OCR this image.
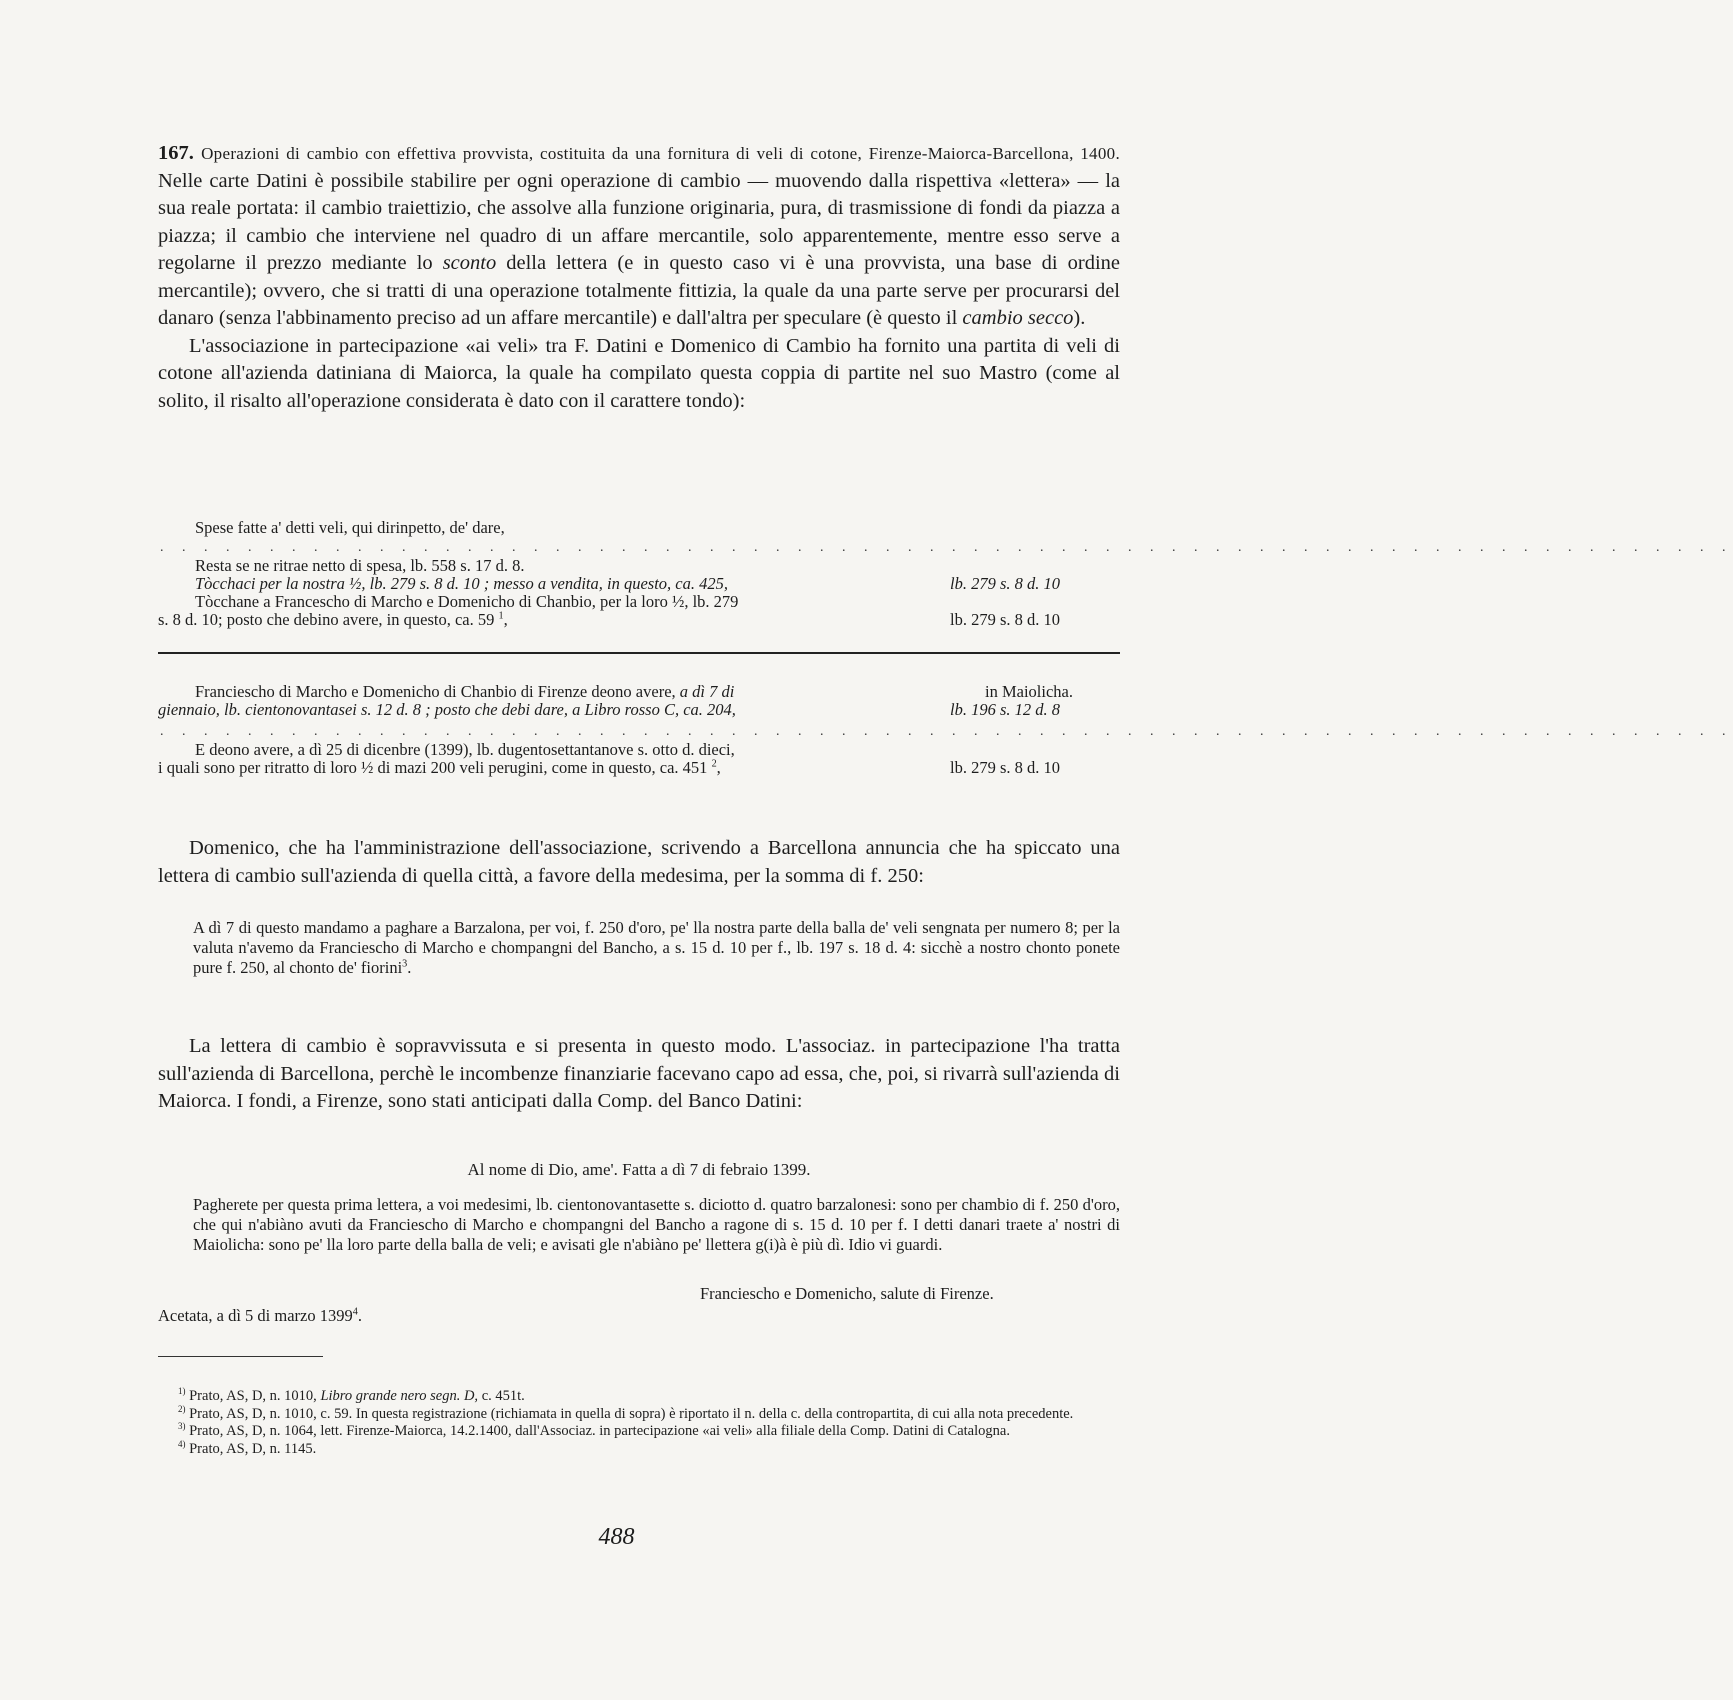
167. Operazioni di cambio con effettiva provvista, costituita da una fornitura di veli di cotone, Firenze-Maiorca-Barcellona, 1400. Nelle carte Datini è possibile stabilire per ogni operazione di cambio — muovendo dalla rispettiva «lettera» — la sua reale portata: il cambio traiettizio, che assolve alla funzione originaria, pura, di trasmissione di fondi da piazza a piazza; il cambio che interviene nel quadro di un affare mercantile, solo apparentemente, mentre esso serve a regolarne il prezzo mediante lo sconto della lettera (e in questo caso vi è una provvista, una base di ordine mercantile); ovvero, che si tratti di una operazione totalmente fittizia, la quale da una parte serve per procurarsi del danaro (senza l'abbinamento preciso ad un affare mercantile) e dall'altra per speculare (è questo il cambio secco).

L'associazione in partecipazione «ai veli» tra F. Datini e Domenico di Cambio ha fornito una partita di veli di cotone all'azienda datiniana di Maiorca, la quale ha compilato questa coppia di partite nel suo Mastro (come al solito, il risalto all'operazione considerata è dato con il carattere tondo):

Spese fatte a' detti veli, qui dirinpetto, de' dare,
. . . . . . . . . . . . . . . . . . . . . . . . . . . . . . . . . . . . . . . . . . . . . . . . . . . . . . . . . . . . . . . . . . . . . . . .
Resta se ne ritrae netto di spesa, lb. 558 s. 17 d. 8.
Tòcchaci per la nostra ½, lb. 279 s. 8 d. 10 ; messo a vendita, in questo, ca. 425,	lb. 279 s. 8 d. 10
Tòcchane a Francescho di Marcho e Domenicho di Chanbio, per la loro ½, lb. 279
s. 8 d. 10; posto che debino avere, in questo, ca. 59 $^1$,	lb. 279 s. 8 d. 10
Franciescho di Marcho e Domenicho di Chanbio di Firenze deono avere, a dì 7 di	in Maiolicha.
giennaio, lb. cientonovantasei s. 12 d. 8 ; posto che debi dare, a Libro rosso C, ca. 204,	lb. 196 s. 12 d. 8
. . . . . . . . . . . . . . . . . . . . . . . . . . . . . . . . . . . . . . . . . . . . . . . . . . . . . . . . . . . . . . . . . . . . . . . .
E deono avere, a dì 25 di dicenbre (1399), lb. dugentosettantanove s. otto d. dieci,
i quali sono per ritratto di loro ½ di mazi 200 veli perugini, come in questo, ca. 451 $^2$,	lb. 279 s. 8 d. 10

Domenico, che ha l'amministrazione dell'associazione, scrivendo a Barcellona annuncia che ha spiccato una lettera di cambio sull'azienda di quella città, a favore della medesima, per la somma di f. 250:

A dì 7 di questo mandamo a paghare a Barzalona, per voi, f. 250 d'oro, pe' lla nostra parte della balla de' veli sengnata per numero 8; per la valuta n'avemo da Franciescho di Marcho e chompangni del Bancho, a s. 15 d. 10 per f., lb. 197 s. 18 d. 4: sicchè a nostro chonto ponete pure f. 250, al chonto de' fiorini$^3$.

La lettera di cambio è sopravvissuta e si presenta in questo modo. L'associaz. in partecipazione l'ha tratta sull'azienda di Barcellona, perchè le incombenze finanziarie facevano capo ad essa, che, poi, si rivarrà sull'azienda di Maiorca. I fondi, a Firenze, sono stati anticipati dalla Comp. del Banco Datini:

Al nome di Dio, ame'. Fatta a dì 7 di febraio 1399.

Pagherete per questa prima lettera, a voi medesimi, lb. cientonovantasette s. diciotto d. quatro barzalonesi: sono per chambio di f. 250 d'oro, che qui n'abiàno avuti da Franciescho di Marcho e chompangni del Bancho a ragone di s. 15 d. 10 per f. I detti danari traete a' nostri di Maiolicha: sono pe' lla loro parte della balla de veli; e avisati gle n'abiàno pe' llettera g(i)à è più dì. Idio vi guardi.

Franciescho e Domenicho, salute di Firenze.
Acetata, a dì 5 di marzo 1399$^4$.

$^{1)}$ Prato, AS, D, n. 1010, Libro grande nero segn. D, c. 451t.

$^{2)}$ Prato, AS, D, n. 1010, c. 59. In questa registrazione (richiamata in quella di sopra) è riportato il n. della c. della contropartita, di cui alla nota precedente.

$^{3)}$ Prato, AS, D, n. 1064, lett. Firenze-Maiorca, 14.2.1400, dall'Associaz. in partecipazione «ai veli» alla filiale della Comp. Datini di Catalogna.

$^{4)}$ Prato, AS, D, n. 1145.

488
